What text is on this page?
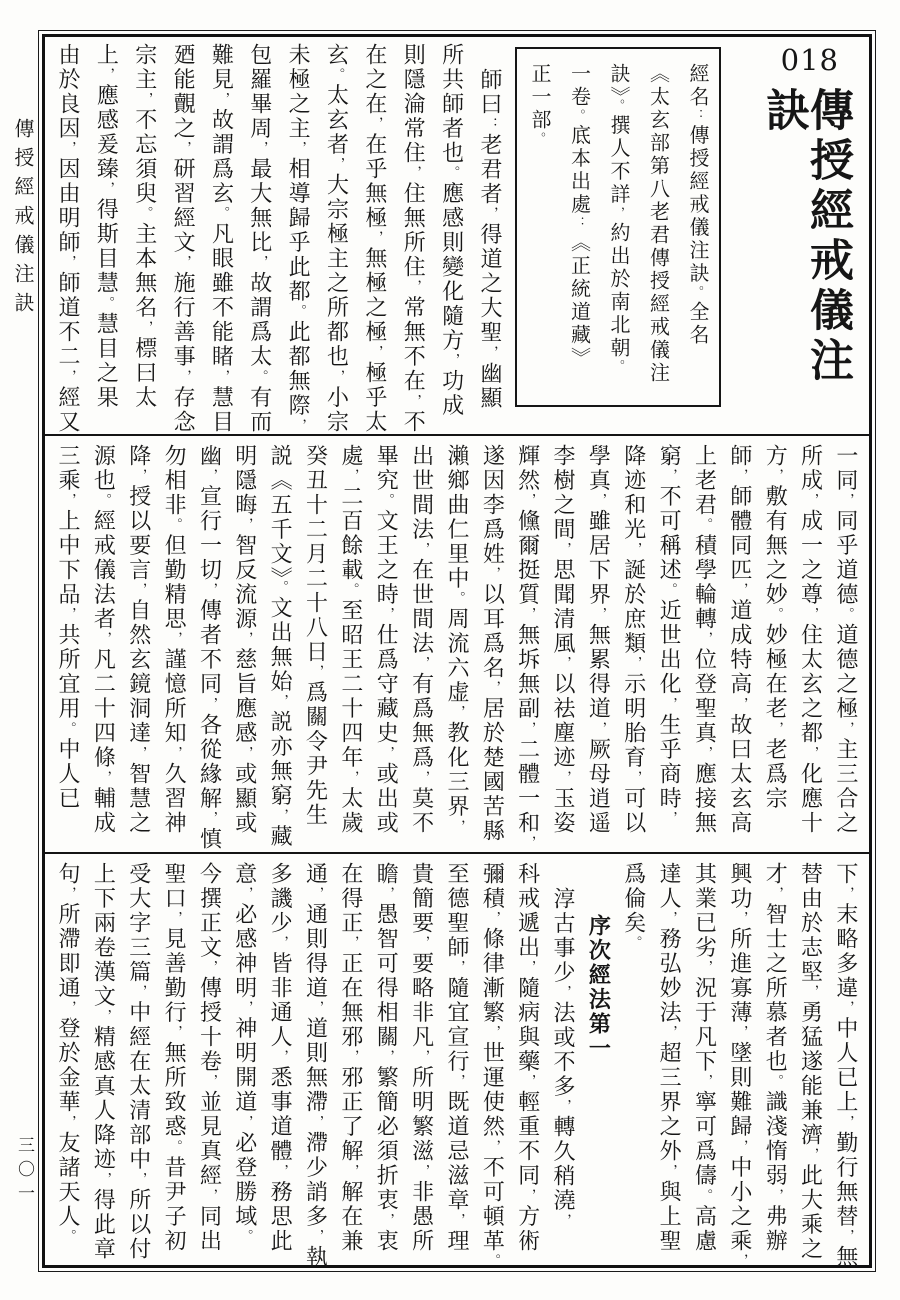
傳授經戒儀注訣
三〇一
018
傳授經戒儀注訣
經名：傳授經戒儀注訣。全名
《太玄部第八老君傳授經戒儀注
訣》。撰人不詳，約出於南北朝。
一卷。底本出處：《正統道藏》
正一部。
師曰：老君者，得道之大聖，幽顯
所共師者也。應感則變化隨方，功成
則隱淪常住，住無所住，常無不在，不
在之在，在乎無極，無極之極，極乎太
玄。太玄者，大宗極主之所都也，小宗
未極之主，相導歸乎此都。此都無際，
包羅畢周，最大無比，故謂爲太。有而
難見，故謂爲玄。凡眼雖不能睹，慧目
廼能覿之，研習經文，施行善事，存念
宗主，不忘須臾。主本無名，標曰太
上，應感爰臻，得斯目慧。慧目之果
由於良因，因由明師，師道不二，經又
一同，同乎道德。道德之極，主三合之
所成，成一之尊，住太玄之都，化應十
方，敷有無之妙。妙極在老，老爲宗
師，師體同匹，道成特高，故曰太玄高
上老君。積學輪轉，位登聖真，應接無
窮，不可稱述。近世出化，生乎商時，
降迹和光，誕於庶類，示明胎育，可以
學真，雖居下界，無累得道，厥母逍遥
李樹之間，思聞清風，以祛塵迹，玉姿
輝然，儵爾挺質，無坼無副，二體一和，
遂因李爲姓，以耳爲名，居於楚國苦縣
瀨鄉曲仁里中。周流六虚，教化三界，
出世間法，在世間法，有爲無爲，莫不
畢究。文王之時，仕爲守藏史，或出或
處，二百餘載。至昭王二十四年，太歲
癸丑十二月二十八日，爲關令尹先生
説《五千文》。文出無始，説亦無窮，藏
明隱晦，智反流源，慈旨應感，或顯或
幽，宣行一切，傳者不同，各從緣解，慎
勿相非。但勤精思，謹憶所知，久習神
降，授以要言，自然玄鏡洞達，智慧之
源也。經戒儀法者，凡二十四條，輔成
三乘，上中下品，共所宜用。中人已
下，末略多違，中人已上，勤行無替，無
替由於志堅，勇猛遂能兼濟，此大乘之
才，智士之所慕者也。識淺惰弱，弗辦
興功，所進寡薄，墜則難歸，中小之乘，
其業已劣，況于凡下，寧可爲儔。高慮
達人，務弘妙法，超三界之外，與上聖
爲倫矣。
序次經法第一
淳古事少，法或不多，轉久稍澆，
科戒遞出，隨病與藥，輕重不同，方術
彌積，條律漸繁，世運使然，不可頓革。
至德聖師，隨宜宣行，既道忌滋章，理
貴簡要，要略非凡，所明繁滋，非愚所
瞻，愚智可得相關，繁簡必須折衷，衷
在得正，正在無邪，邪正了解，解在兼
通，通則得道，道則無滯，滯少誚多，執
多譏少，皆非通人，悉事道體，務思此
意，必感神明，神明開道，必登勝域。
今撰正文，傳授十卷，並見真經，同出
聖口，見善勤行，無所致惑。昔尹子初
受大字三篇，中經在太清部中，所以付
上下兩卷漢文，精感真人降迹，得此章
句，所滯即通，登於金華，友諸天人。
